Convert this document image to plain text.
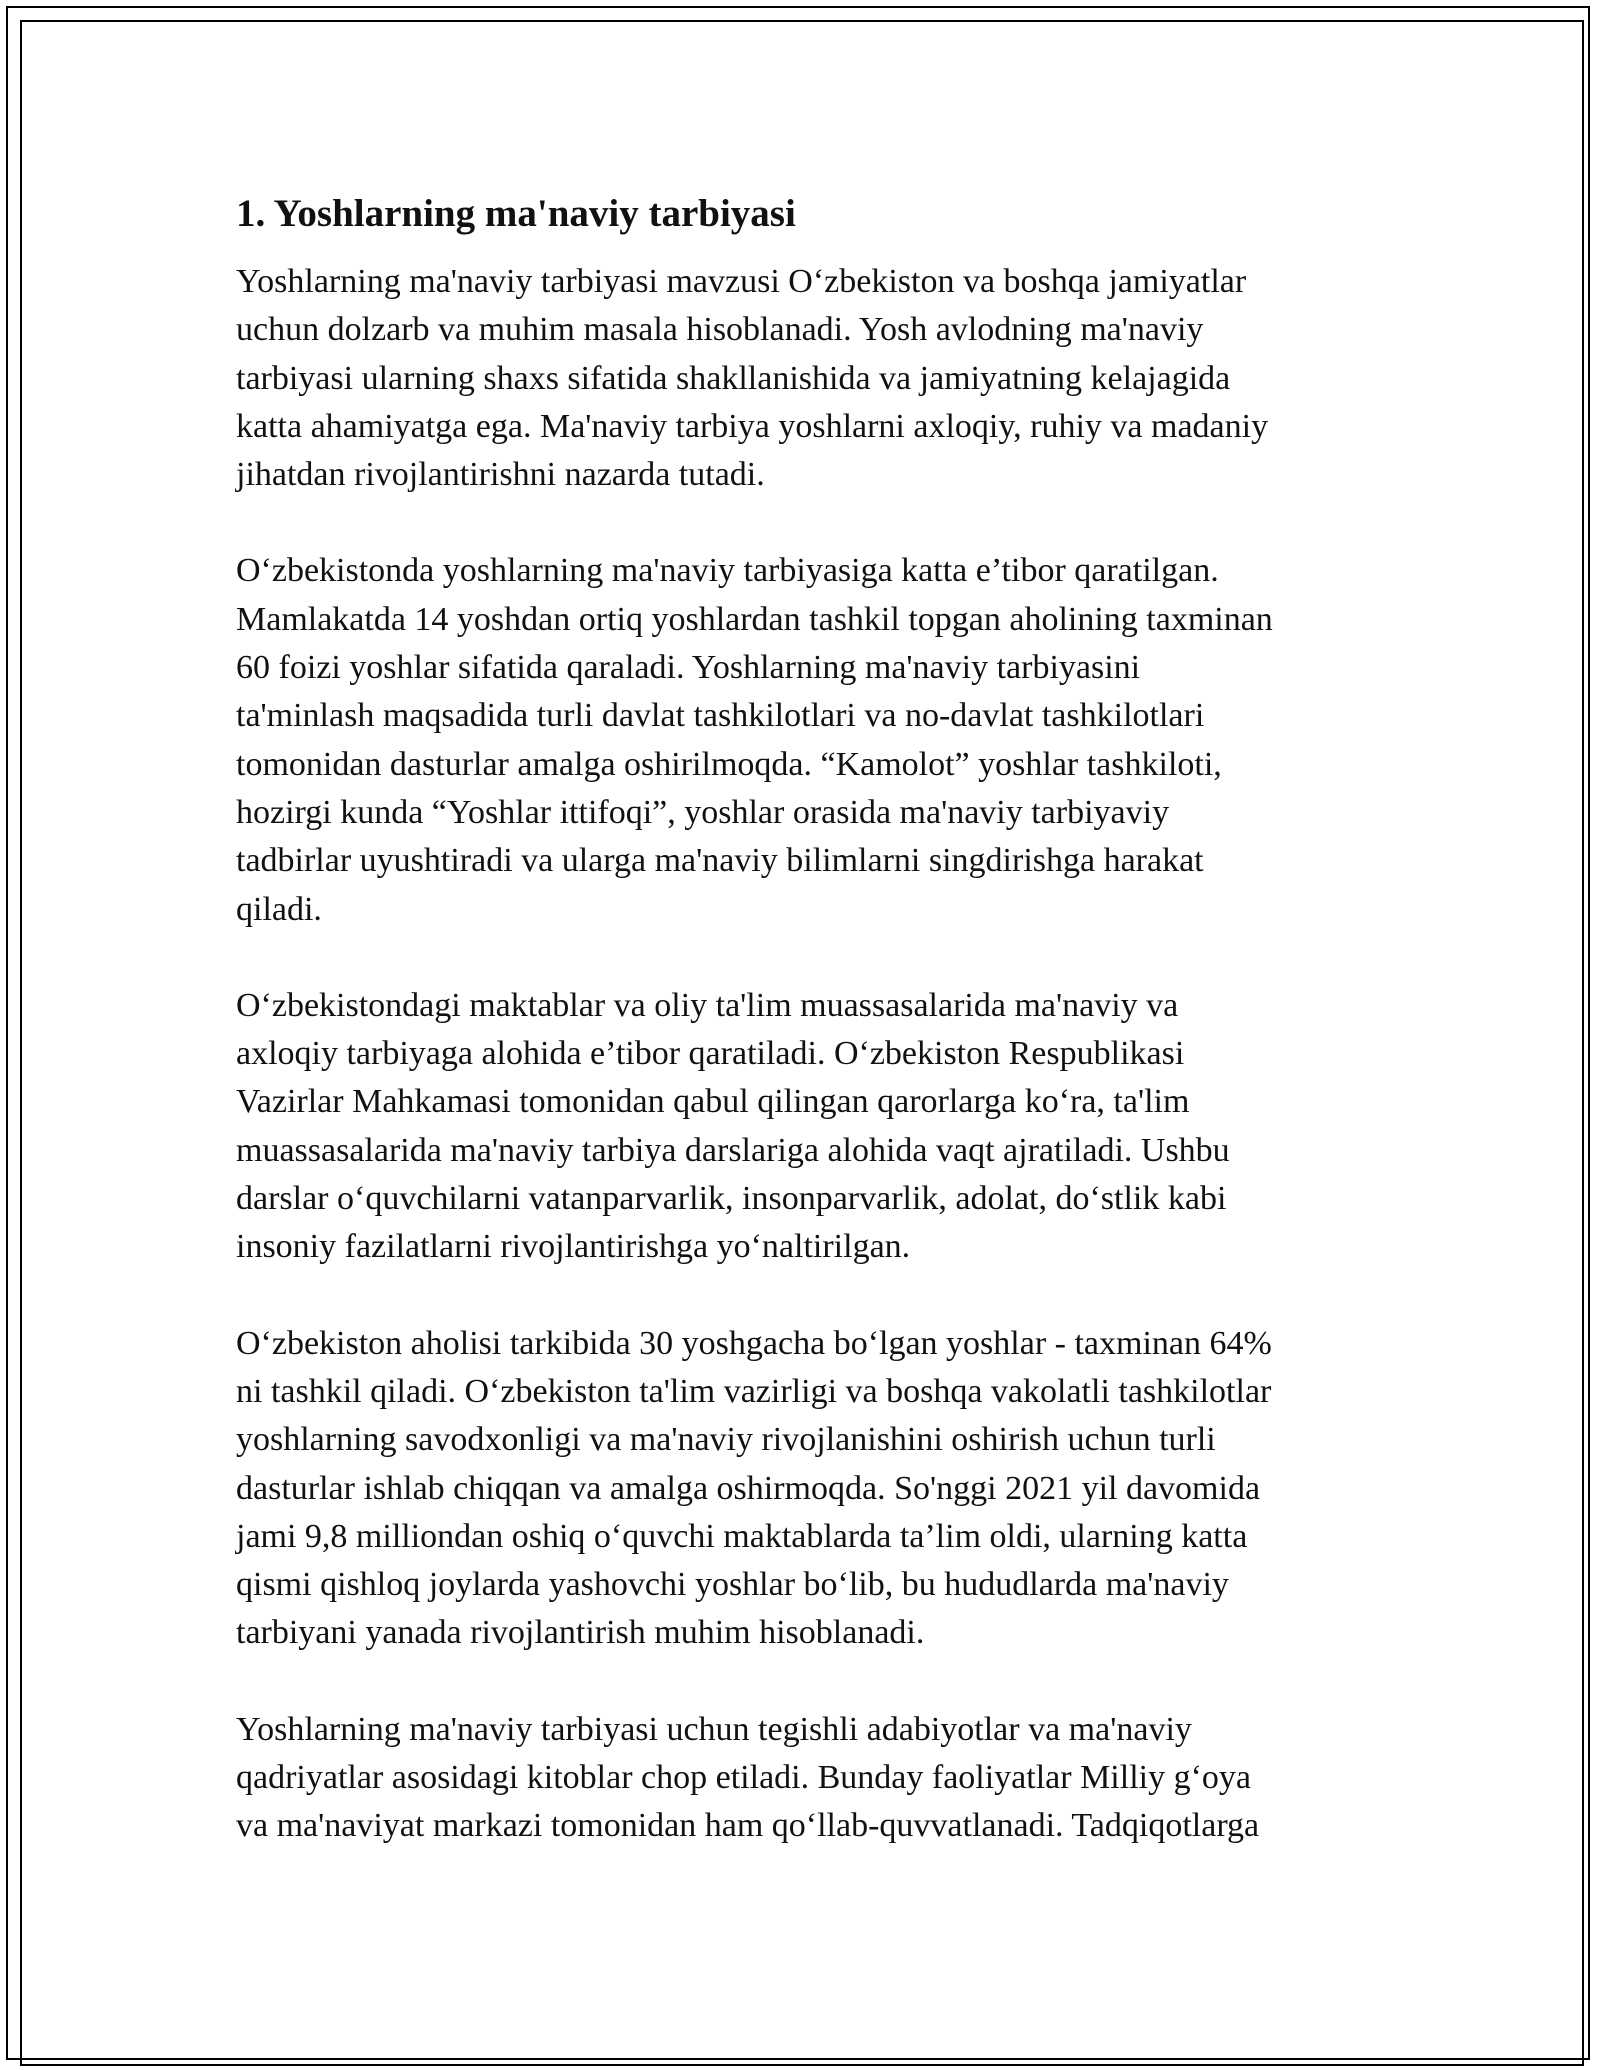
1. Yoshlarning ma'naviy tarbiyasi
Yoshlarning ma'naviy tarbiyasi mavzusi O‘zbekiston va boshqa jamiyatlar
uchun dolzarb va muhim masala hisoblanadi. Yosh avlodning ma'naviy
tarbiyasi ularning shaxs sifatida shakllanishida va jamiyatning kelajagida
katta ahamiyatga ega. Ma'naviy tarbiya yoshlarni axloqiy, ruhiy va madaniy
jihatdan rivojlantirishni nazarda tutadi.
O‘zbekistonda yoshlarning ma'naviy tarbiyasiga katta e’tibor qaratilgan.
Mamlakatda 14 yoshdan ortiq yoshlardan tashkil topgan aholining taxminan
60 foizi yoshlar sifatida qaraladi. Yoshlarning ma'naviy tarbiyasini
ta'minlash maqsadida turli davlat tashkilotlari va no-davlat tashkilotlari
tomonidan dasturlar amalga oshirilmoqda. “Kamolot” yoshlar tashkiloti,
hozirgi kunda “Yoshlar ittifoqi”, yoshlar orasida ma'naviy tarbiyaviy
tadbirlar uyushtiradi va ularga ma'naviy bilimlarni singdirishga harakat
qiladi.
O‘zbekistondagi maktablar va oliy ta'lim muassasalarida ma'naviy va
axloqiy tarbiyaga alohida e’tibor qaratiladi. O‘zbekiston Respublikasi
Vazirlar Mahkamasi tomonidan qabul qilingan qarorlarga ko‘ra, ta'lim
muassasalarida ma'naviy tarbiya darslariga alohida vaqt ajratiladi. Ushbu
darslar o‘quvchilarni vatanparvarlik, insonparvarlik, adolat, do‘stlik kabi
insoniy fazilatlarni rivojlantirishga yo‘naltirilgan.
O‘zbekiston aholisi tarkibida 30 yoshgacha bo‘lgan yoshlar - taxminan 64%
ni tashkil qiladi. O‘zbekiston ta'lim vazirligi va boshqa vakolatli tashkilotlar
yoshlarning savodxonligi va ma'naviy rivojlanishini oshirish uchun turli
dasturlar ishlab chiqqan va amalga oshirmoqda. So'nggi 2021 yil davomida
jami 9,8 milliondan oshiq o‘quvchi maktablarda ta’lim oldi, ularning katta
qismi qishloq joylarda yashovchi yoshlar bo‘lib, bu hududlarda ma'naviy
tarbiyani yanada rivojlantirish muhim hisoblanadi.
Yoshlarning ma'naviy tarbiyasi uchun tegishli adabiyotlar va ma'naviy
qadriyatlar asosidagi kitoblar chop etiladi. Bunday faoliyatlar Milliy g‘oya
va ma'naviyat markazi tomonidan ham qo‘llab-quvvatlanadi. Tadqiqotlarga
